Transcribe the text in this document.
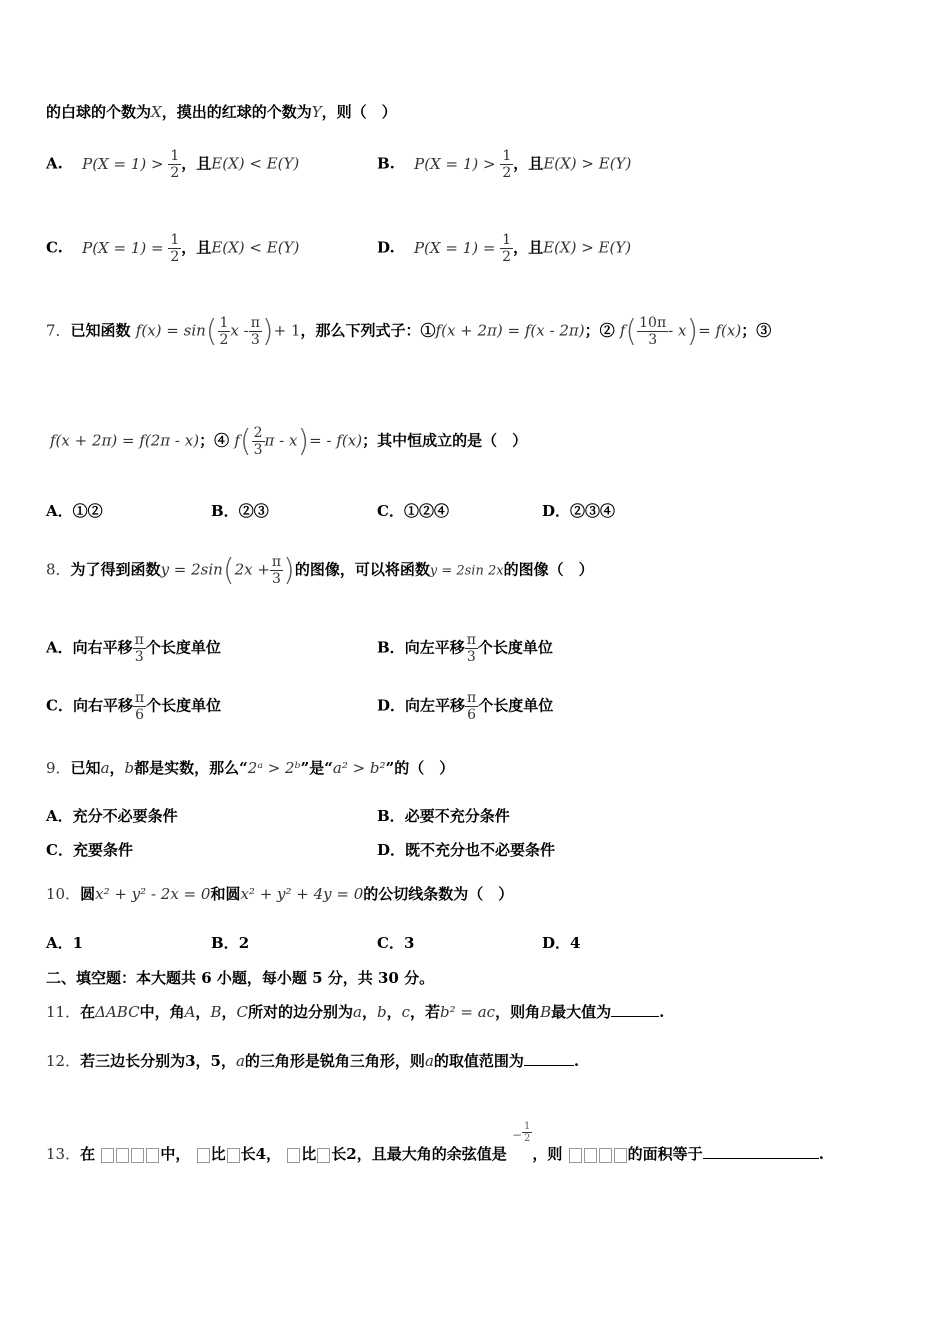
的白球的个数为X，摸出的红球的个数为Y，则（　）
A. $P(X = 1) > \frac{1}{2}$ ，且E(X) < E(Y)	B. $P(X = 1) > \frac{1}{2}$ ，且E(X) > E(Y)
C. $P(X = 1) = \frac{1}{2}$ ，且E(X) < E(Y)	D. $P(X = 1) = \frac{1}{2}$ ，且E(X) > E(Y)
7．已知函数 $f(x) = \sin( \frac{1}{2}$ x - $\frac{\pi}{3}$ )+ 1，那么下列式子：①f(x + 2π) = f(x - 2π)；② $f( \frac{10\pi}{3} - x)= f(x)$；③
f(x + 2π) = f(2π - x)；④ $f( \frac{2}{3}$ π - x)= - f(x)；其中恒成立的是（　）
A．①②	B．②③	C．①②④	D．②③④
8．为了得到函数$y = 2\sin(2x + \frac{\pi}{3}$ )的图像，可以将函数y = 2sin 2x的图像（　）
A．向右平移 $\frac{\pi}{3}$ 个长度单位	B．向左平移 $\frac{\pi}{3}$ 个长度单位
C．向右平移 $\frac{\pi}{6}$ 个长度单位	D．向左平移 $\frac{\pi}{6}$ 个长度单位
9．已知a，b都是实数，那么“2ᵃ > 2ᵇ”是“a² > b²”的（　）
A．充分不必要条件	B．必要不充分条件
C．充要条件	D．既不充分也不必要条件
10．圆x² + y² - 2x = 0和圆x² + y² + 4y = 0的公切线条数为（　）
A．1	B．2	C．3	D．4
二、填空题：本大题共 6 小题，每小题 5 分，共 30 分。
11．在ΔABC中，角A，B，C所对的边分别为a，b，c，若b² = ac，则角B最大值为	.
12．若三边长分别为3，5，a的三角形是锐角三角形，则a的取值范围为	.
13．在	中， 比 长4， 比 长2，且最大角的余弦值是 $^- \frac{1}{2}$
，则	的面积等于	.
